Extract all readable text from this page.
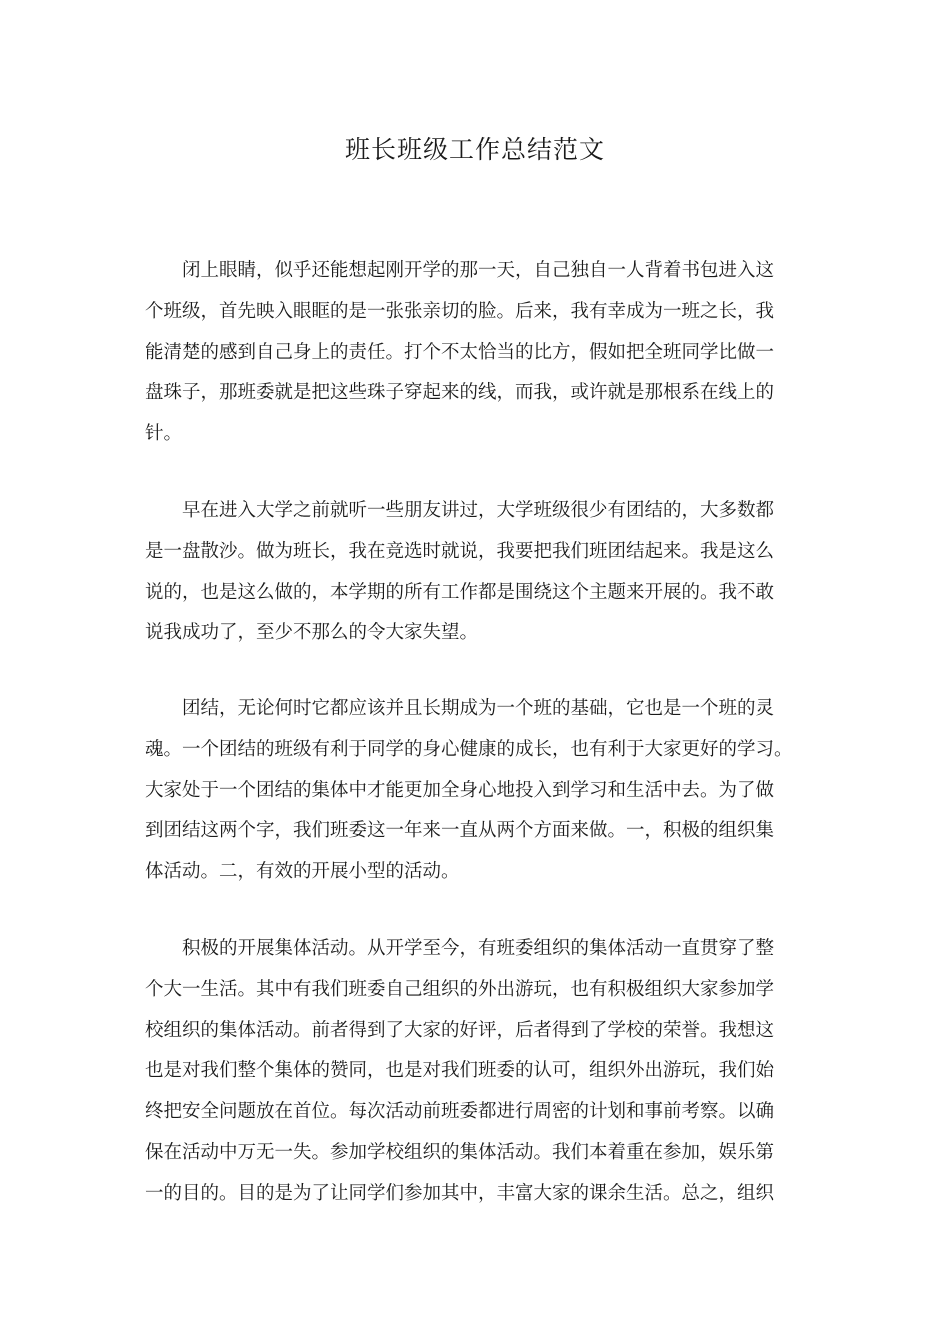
班长班级工作总结范文
闭上眼睛，似乎还能想起刚开学的那一天，自己独自一人背着书包进入这
个班级，首先映入眼眶的是一张张亲切的脸。后来，我有幸成为一班之长，我
能清楚的感到自己身上的责任。打个不太恰当的比方，假如把全班同学比做一
盘珠子，那班委就是把这些珠子穿起来的线，而我，或许就是那根系在线上的
针。
早在进入大学之前就听一些朋友讲过，大学班级很少有团结的，大多数都
是一盘散沙。做为班长，我在竞选时就说，我要把我们班团结起来。我是这么
说的，也是这么做的，本学期的所有工作都是围绕这个主题来开展的。我不敢
说我成功了，至少不那么的令大家失望。
团结，无论何时它都应该并且长期成为一个班的基础，它也是一个班的灵
魂。一个团结的班级有利于同学的身心健康的成长，也有利于大家更好的学习。
大家处于一个团结的集体中才能更加全身心地投入到学习和生活中去。为了做
到团结这两个字，我们班委这一年来一直从两个方面来做。一，积极的组织集
体活动。二，有效的开展小型的活动。
积极的开展集体活动。从开学至今，有班委组织的集体活动一直贯穿了整
个大一生活。其中有我们班委自己组织的外出游玩，也有积极组织大家参加学
校组织的集体活动。前者得到了大家的好评，后者得到了学校的荣誉。我想这
也是对我们整个集体的赞同，也是对我们班委的认可，组织外出游玩，我们始
终把安全问题放在首位。每次活动前班委都进行周密的计划和事前考察。以确
保在活动中万无一失。参加学校组织的集体活动。我们本着重在参加，娱乐第
一的目的。目的是为了让同学们参加其中，丰富大家的课余生活。总之，组织
